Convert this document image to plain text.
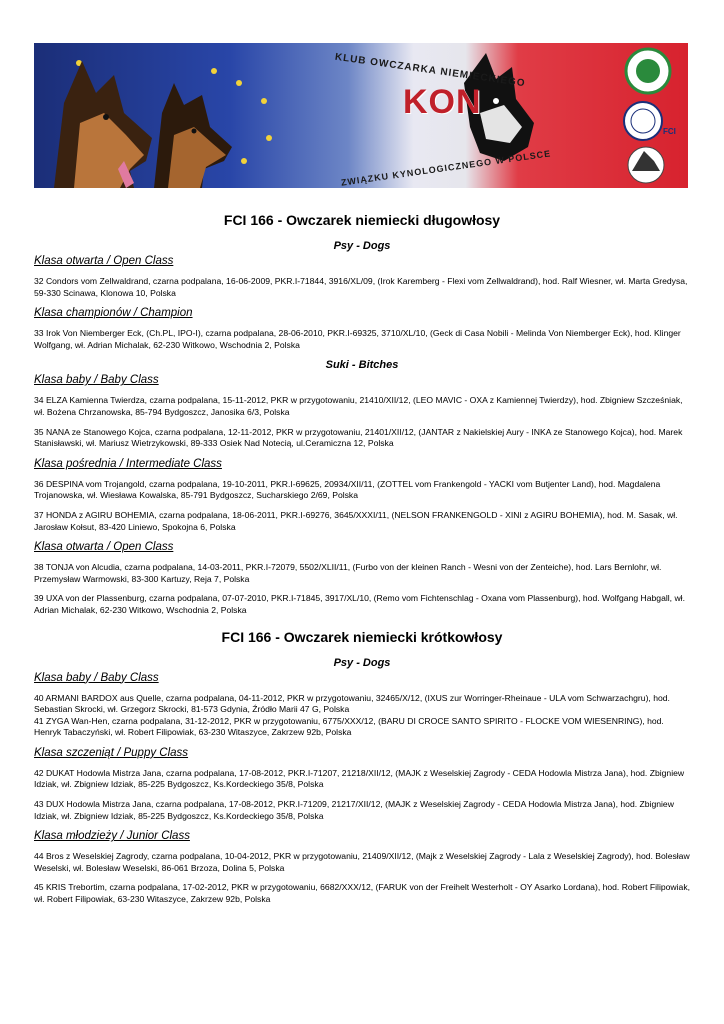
KLUB OWCZARKA NIEMIECKIEGO
KON
ZWIĄZKU KYNOLOGICZNEGO W POLSCE
FCI
FCI 166 - Owczarek niemiecki długowłosy
Psy - Dogs
Klasa otwarta / Open Class
32 Condors vom Zellwaldrand, czarna podpalana, 16-06-2009, PKR.I-71844, 3916/XL/09, (Irok Karemberg - Flexi vom Zellwaldrand), hod. Ralf Wiesner, wł. Marta Gredysa, 59-330 Scinawa, Klonowa 10, Polska
Klasa championów / Champion
33 Irok Von Niemberger Eck, (Ch.PL, IPO-I), czarna podpalana, 28-06-2010, PKR.I-69325, 3710/XL/10, (Geck di Casa Nobili - Melinda Von Niemberger Eck), hod. Klinger Wolfgang, wł. Adrian Michalak, 62-230 Witkowo, Wschodnia 2, Polska
Suki - Bitches
Klasa baby / Baby Class
34 ELZA Kamienna Twierdza, czarna podpalana, 15-11-2012, PKR w przygotowaniu, 21410/XII/12, (LEO MAVIC - OXA z Kamiennej Twierdzy), hod. Zbigniew Szcześniak, wł. Bożena Chrzanowska, 85-794 Bydgoszcz, Janosika 6/3, Polska
35 NANA ze Stanowego Kojca, czarna podpalana, 12-11-2012, PKR w przygotowaniu, 21401/XII/12, (JANTAR z Nakielskiej Aury - INKA ze Stanowego Kojca), hod. Marek Stanisławski, wł. Mariusz Wietrzykowski, 89-333 Osiek Nad Notecią, ul.Ceramiczna 12, Polska
Klasa pośrednia / Intermediate Class
36 DESPINA vom Trojangold, czarna podpalana, 19-10-2011, PKR.I-69625, 20934/XII/11, (ZOTTEL vom Frankengold - YACKI vom Butjenter Land), hod. Magdalena Trojanowska, wł. Wiesława Kowalska, 85-791 Bydgoszcz, Sucharskiego 2/69, Polska
37 HONDA z AGIRU BOHEMIA, czarna podpalana, 18-06-2011, PKR.I-69276, 3645/XXXI/11, (NELSON FRANKENGOLD - XINI z AGIRU BOHEMIA), hod. M. Sasak, wł. Jarosław Kołsut, 83-420 Liniewo, Spokojna 6, Polska
Klasa otwarta / Open Class
38 TONJA von Alcudia, czarna podpalana, 14-03-2011, PKR.I-72079, 5502/XLII/11, (Furbo von der kleinen Ranch - Wesni von der Zenteiche), hod. Lars Bernlohr, wł. Przemysław Warmowski, 83-300 Kartuzy, Reja 7, Polska
39 UXA von der Plassenburg, czarna podpalana, 07-07-2010, PKR.I-71845, 3917/XL/10, (Remo vom Fichtenschlag - Oxana vom Plassenburg), hod. Wolfgang Habgall, wł. Adrian Michalak, 62-230 Witkowo, Wschodnia 2, Polska
FCI 166 - Owczarek niemiecki krótkowłosy
Psy - Dogs
Klasa baby / Baby Class
40 ARMANI BARDOX aus Quelle, czarna podpalana, 04-11-2012, PKR w przygotowaniu, 32465/X/12, (IXUS zur Worringer-Rheinaue - ULA vom Schwarzachgru), hod. Sebastian Skrocki, wł. Grzegorz Skrocki, 81-573 Gdynia, Źródło Marii 47 G, Polska
41 ZYGA Wan-Hen, czarna podpalana, 31-12-2012, PKR w przygotowaniu, 6775/XXX/12, (BARU DI CROCE SANTO SPIRITO - FLOCKE VOM WIESENRING), hod. Henryk Tabaczyński, wł. Robert Filipowiak, 63-230 Witaszyce, Zakrzew 92b, Polska
Klasa szczeniąt / Puppy Class
42 DUKAT Hodowla Mistrza Jana, czarna podpalana, 17-08-2012, PKR.I-71207, 21218/XII/12, (MAJK z Weselskiej Zagrody - CEDA Hodowla Mistrza Jana), hod. Zbigniew Idziak, wł. Zbigniew Idziak, 85-225 Bydgoszcz, Ks.Kordeckiego 35/8, Polska
43 DUX Hodowla Mistrza Jana, czarna podpalana, 17-08-2012, PKR.I-71209, 21217/XII/12, (MAJK z Weselskiej Zagrody - CEDA Hodowla Mistrza Jana), hod. Zbigniew Idziak, wł. Zbigniew Idziak, 85-225 Bydgoszcz, Ks.Kordeckiego 35/8, Polska
Klasa młodzieży / Junior Class
44 Bros z Weselskiej Zagrody, czarna podpalana, 10-04-2012, PKR w przygotowaniu, 21409/XII/12, (Majk z Weselskiej Zagrody - Lala z Weselskiej Zagrody), hod. Bolesław Weselski, wł. Bolesław Weselski, 86-061 Brzoza, Dolina 5, Polska
45 KRIS Trebortim, czarna podpalana, 17-02-2012, PKR w przygotowaniu, 6682/XXX/12, (FARUK von der Freihelt Westerholt - OY Asarko Lordana), hod. Robert Filipowiak, wł. Robert Filipowiak, 63-230 Witaszyce, Zakrzew 92b, Polska
